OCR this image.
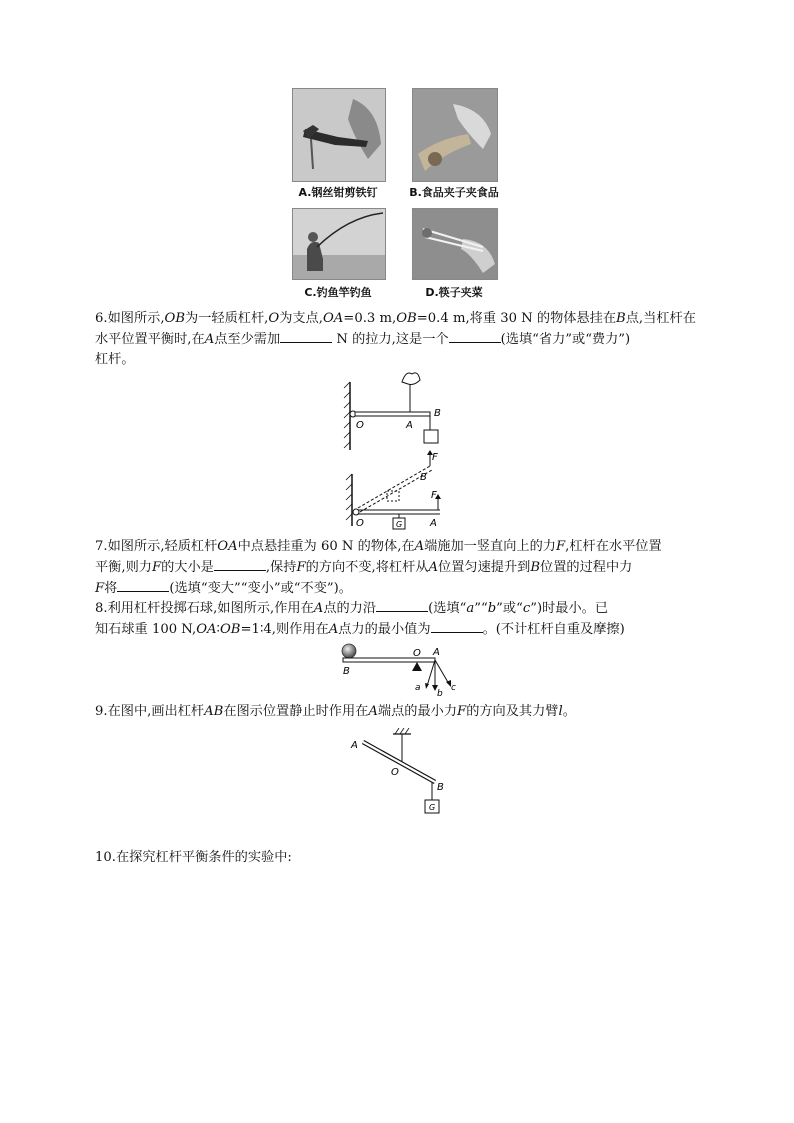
A.钢丝钳剪铁钉	B.食品夹子夹食品
C.钓鱼竿钓鱼	D.筷子夹菜
6.如图所示,OB为一轻质杠杆,O为支点,OA=0.3 m,OB=0.4 m,将重 30 N 的物体悬挂在B点,当杠杆在
水平位置平衡时,在A点至少需加	N 的拉力,这是一个	(选填“省力”或“费力”)
杠杆。
O	A
B
G
O	A
B
F
F
7.如图所示,轻质杠杆OA中点悬挂重为 60 N 的物体,在A端施加一竖直向上的力F,杠杆在水平位置
平衡,则力F的大小是	,保持F的方向不变,将杠杆从A位置匀速提升到B位置的过程中力
F将	(选填“变大”“变小”或“不变”)。
8.利用杠杆投掷石球,如图所示,作用在A点的力沿	(选填“a”“b”或“c”)时最小。已
知石球重 100 N,OA∶OB=1∶4,则作用在A点力的最小值为	。(不计杠杆自重及摩擦)
B
O A
a
b
c
9.在图中,画出杠杆AB在图示位置静止时作用在A端点的最小力F的方向及其力臂l。
G
A
O
B
10.在探究杠杆平衡条件的实验中:
